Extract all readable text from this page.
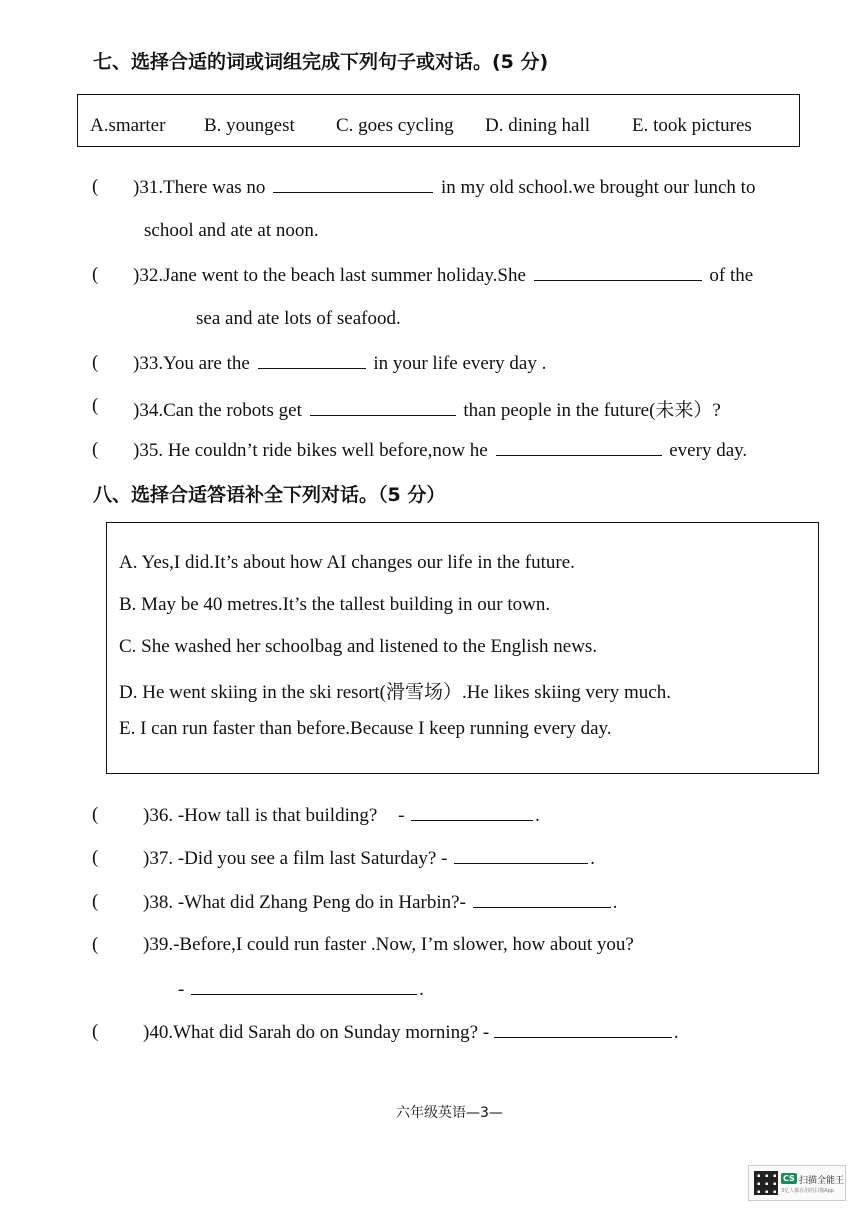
七、选择合适的词或词组完成下列句子或对话。(5 分)
A.smarter B. youngest C. goes cycling D. dining hall E. took pictures
( )31.There was no	in my old school.we brought our lunch to
school and ate at noon.
( )32.Jane went to the beach last summer holiday.She	of the
sea and ate lots of seafood.
( )33.You are the	in your life every day .
( )34.Can the robots get	than people in the future(未来）?
( )35. He couldn’t ride bikes well before,now he	every day.
八、选择合适答语补全下列对话。（5 分）
A. Yes,I did.It’s about how AI changes our life in the future.
B. May be 40 metres.It’s the tallest building in our town.
C. She washed her schoolbag and listened to the English news.
D. He went skiing in the ski resort(滑雪场）.He likes skiing very much.
E. I can run faster than before.Because I keep running every day.
( )36. -How tall is that building? -	.
( )37. -Did you see a film last Saturday? -	.
( )38. -What did Zhang Peng do in Harbin?-	.
( )39.-Before,I could run faster .Now, I’m slower, how about you?
-	.
( )40.What did Sarah do on Sunday morning? -	.
六年级英语—3—
CS 扫描全能王
3亿人都在用的扫描App
